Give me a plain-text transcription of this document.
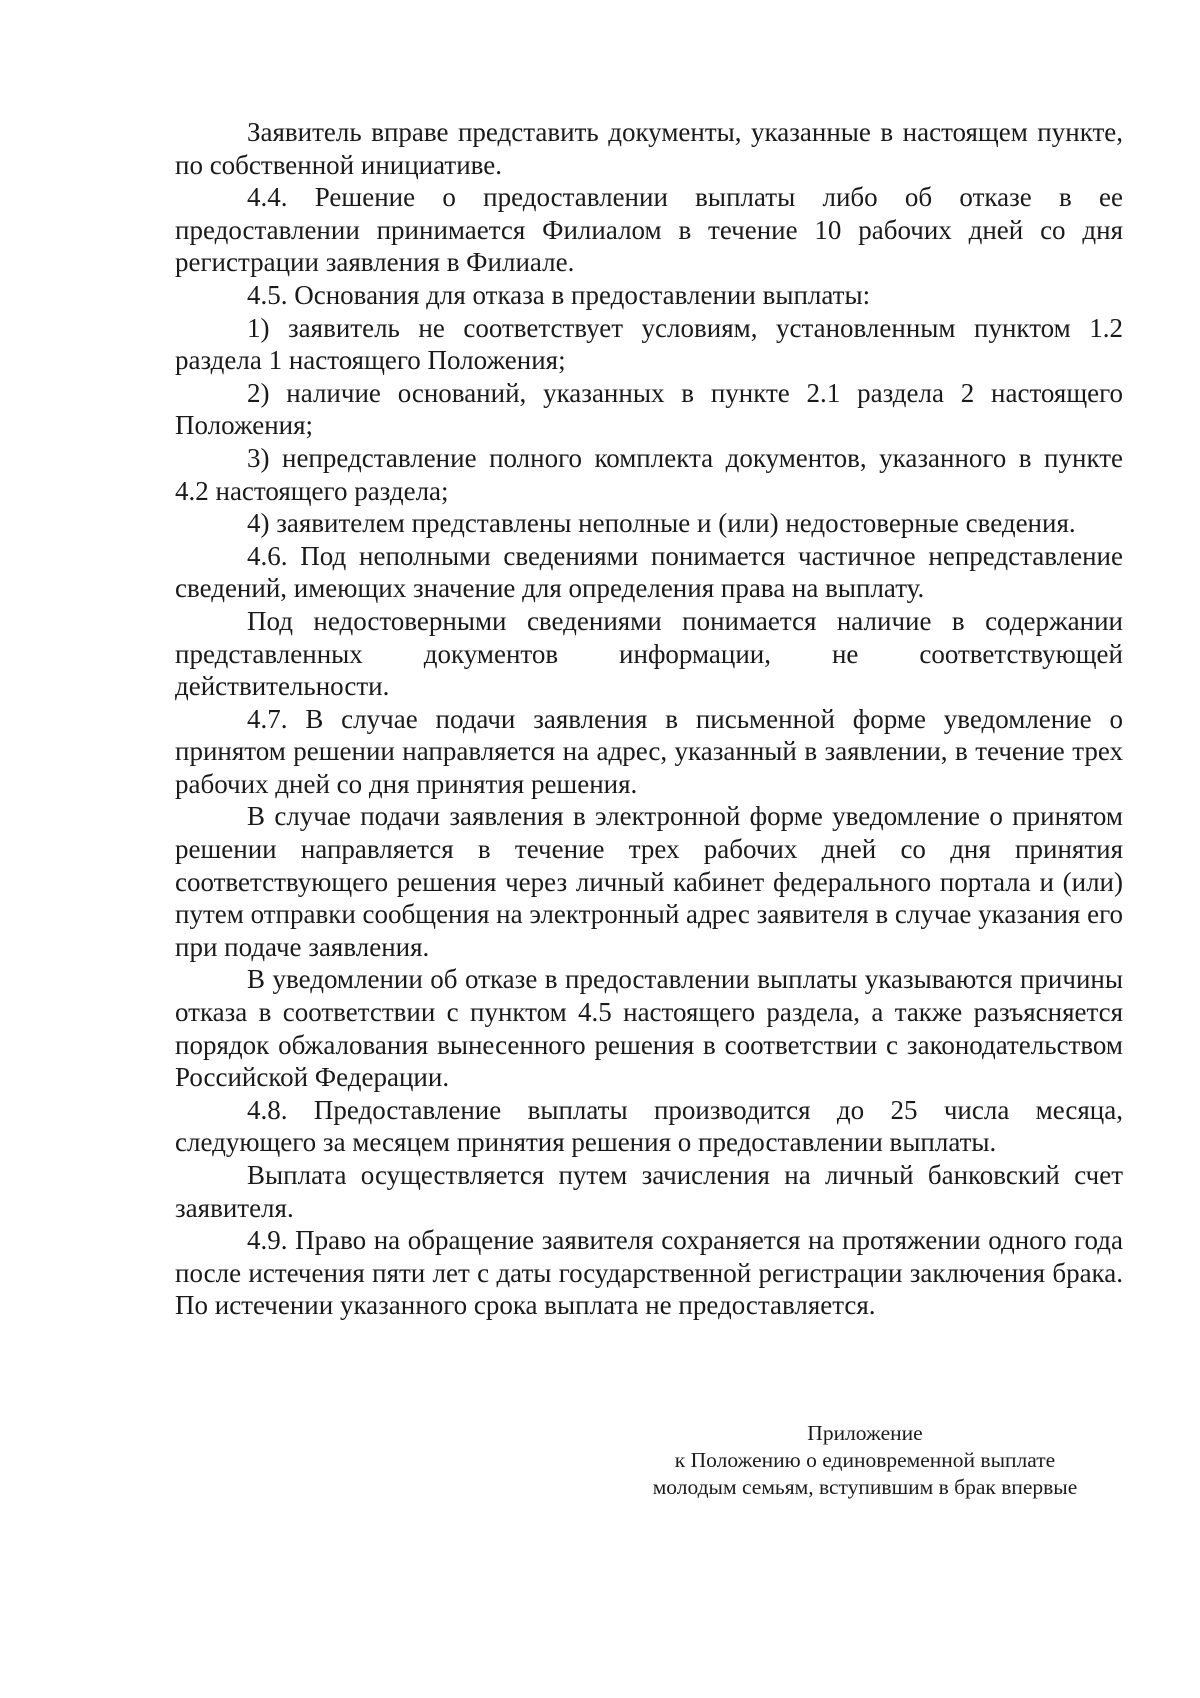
Заявитель вправе представить документы, указанные в настоящем пункте, по собственной инициативе.

4.4. Решение о предоставлении выплаты либо об отказе в ее предоставлении принимается Филиалом в течение 10 рабочих дней со дня регистрации заявления в Филиале.

4.5. Основания для отказа в предоставлении выплаты:

1) заявитель не соответствует условиям, установленным пунктом 1.2 раздела 1 настоящего Положения;

2) наличие оснований, указанных в пункте 2.1 раздела 2 настоящего Положения;

3) непредставление полного комплекта документов, указанного в пункте 4.2 настоящего раздела;

4) заявителем представлены неполные и (или) недостоверные сведения.

4.6. Под неполными сведениями понимается частичное непредставление сведений, имеющих значение для определения права на выплату.

Под недостоверными сведениями понимается наличие в содержании представленных документов информации, не соответствующей действительности.

4.7. В случае подачи заявления в письменной форме уведомление о принятом решении направляется на адрес, указанный в заявлении, в течение трех рабочих дней со дня принятия решения.

В случае подачи заявления в электронной форме уведомление о принятом решении направляется в течение трех рабочих дней со дня принятия соответствующего решения через личный кабинет федерального портала и (или) путем отправки сообщения на электронный адрес заявителя в случае указания его при подаче заявления.

В уведомлении об отказе в предоставлении выплаты указываются причины отказа в соответствии с пунктом 4.5 настоящего раздела, а также разъясняется порядок обжалования вынесенного решения в соответствии с законодательством Российской Федерации.

4.8. Предоставление выплаты производится до 25 числа месяца, следующего за месяцем принятия решения о предоставлении выплаты.

Выплата осуществляется путем зачисления на личный банковский счет заявителя.

4.9. Право на обращение заявителя сохраняется на протяжении одного года после истечения пяти лет с даты государственной регистрации заключения брака. По истечении указанного срока выплата не предоставляется.

Приложение
к Положению о единовременной выплате
молодым семьям, вступившим в брак впервые
